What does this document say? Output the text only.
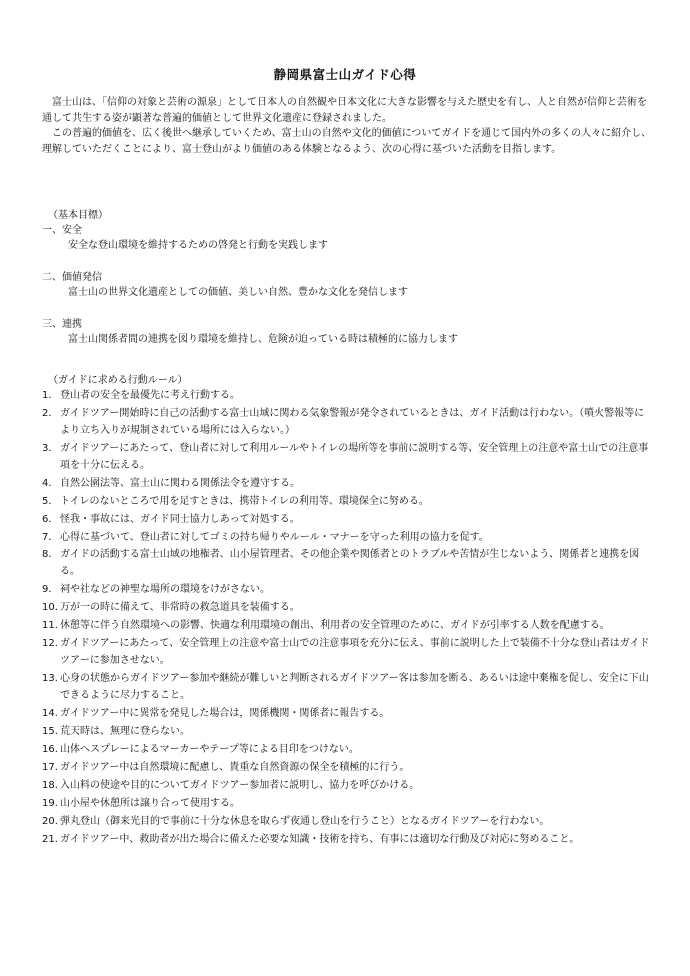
静岡県富士山ガイド心得

富士山は、「信仰の対象と芸術の源泉」として日本人の自然観や日本文化に大きな影響を与えた歴史を有し、人と自然が信仰と芸術を通して共生する姿が顕著な普遍的価値として世界文化遺産に登録されました。

この普遍的価値を、広く後世へ継承していくため、富士山の自然や文化的価値についてガイドを通じて国内外の多くの人々に紹介し、理解していただくことにより、富士登山がより価値のある体験となるよう、次の心得に基づいた活動を目指します。

（基本目標）

一、安全

安全な登山環境を維持するための啓発と行動を実践します

二、価値発信

富士山の世界文化遺産としての価値、美しい自然、豊かな文化を発信します

三、連携

富士山関係者間の連携を図り環境を維持し、危険が迫っている時は積極的に協力します

（ガイドに求める行動ルール）

1． 登山者の安全を最優先に考え行動する。
2． ガイドツアー開始時に自己の活動する富士山域に関わる気象警報が発令されているときは、ガイド活動は行わない。（噴火警報等により立ち入りが規制されている場所には入らない。）
3． ガイドツアーにあたって、登山者に対して利用ルールやトイレの場所等を事前に説明する等、安全管理上の注意や富士山での注意事項を十分に伝える。
4． 自然公園法等、富士山に関わる関係法令を遵守する。
5． トイレのないところで用を足すときは、携帯トイレの利用等、環境保全に努める。
6． 怪我・事故には、ガイド同士協力しあって対処する。
7． 心得に基づいて、登山者に対してゴミの持ち帰りやルール・マナーを守った利用の協力を促す。
8． ガイドの活動する富士山域の地権者、山小屋管理者、その他企業や関係者とのトラブルや苦情が生じないよう、関係者と連携を図る。
9． 祠や社などの神聖な場所の環境をけがさない。
10．
万が一の時に備えて、非常時の救急道具を装備する。
11. 休憩等に伴う自然環境への影響、快適な利用環境の創出、利用者の安全管理のために、ガイドが引率する人数を配慮する。
12. ガイドツアーにあたって、安全管理上の注意や富士山での注意事項を充分に伝え、事前に説明した上で装備不十分な登山者はガイドツアーに参加させない。
13. 心身の状態からガイドツアー参加や継続が難しいと判断されるガイドツアー客は参加を断る、あるいは途中棄権を促し、安全に下山できるように尽力すること。
14. ガイドツアー中に異常を発見した場合は，関係機関・関係者に報告する。
15. 荒天時は、無理に登らない。
16. 山体へスプレーによるマーカーやテープ等による目印をつけない。
17. ガイドツアー中は自然環境に配慮し、貴重な自然資源の保全を積極的に行う。
18. 入山料の使途や目的についてガイドツアー参加者に説明し、協力を呼びかける。
19. 山小屋や休憩所は譲り合って使用する。
20. 弾丸登山（御来光目的で事前に十分な休息を取らず夜通し登山を行うこと）となるガイドツアーを行わない。
21. ガイドツアー中、救助者が出た場合に備えた必要な知識・技術を持ち、有事には適切な行動及び対応に努めること。
